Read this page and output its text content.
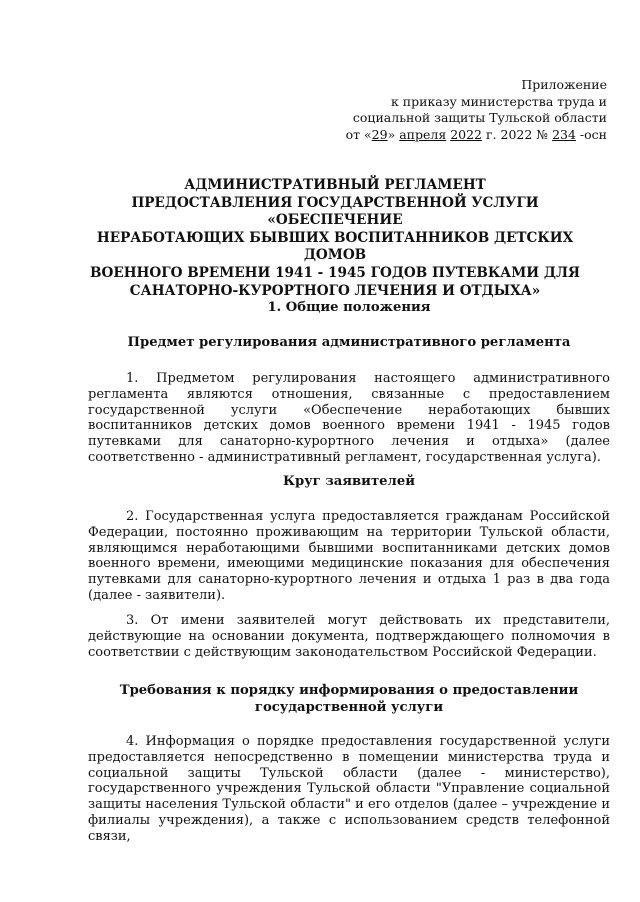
Приложение
к приказу министерства труда и
социальной защиты Тульской области
от «29» апреля 2022 г. 2022 № 234 -осн
АДМИНИСТРАТИВНЫЙ РЕГЛАМЕНТ
ПРЕДОСТАВЛЕНИЯ ГОСУДАРСТВЕННОЙ УСЛУГИ «ОБЕСПЕЧЕНИЕ
НЕРАБОТАЮЩИХ БЫВШИХ ВОСПИТАННИКОВ ДЕТСКИХ ДОМОВ
ВОЕННОГО ВРЕМЕНИ 1941 - 1945 ГОДОВ ПУТЕВКАМИ ДЛЯ
САНАТОРНО-КУРОРТНОГО ЛЕЧЕНИЯ И ОТДЫХА»
1. Общие положения
Предмет регулирования административного регламента
1. Предметом регулирования настоящего административного регламента являются отношения, связанные с предоставлением государственной услуги «Обеспечение неработающих бывших воспитанников детских домов военного времени 1941 - 1945 годов путевками для санаторно-курортного лечения и отдыха» (далее соответственно - административный регламент, государственная услуга).
Круг заявителей
2. Государственная услуга предоставляется гражданам Российской Федерации, постоянно проживающим на территории Тульской области, являющимся неработающими бывшими воспитанниками детских домов военного времени, имеющими медицинские показания для обеспечения путевками для санаторно-курортного лечения и отдыха 1 раз в два года (далее - заявители).
3. От имени заявителей могут действовать их представители, действующие на основании документа, подтверждающего полномочия в соответствии с действующим законодательством Российской Федерации.
Требования к порядку информирования о предоставлении
государственной услуги
4. Информация о порядке предоставления государственной услуги предоставляется непосредственно в помещении министерства труда и социальной защиты Тульской области (далее - министерство), государственного учреждения Тульской области "Управление социальной защиты населения Тульской области" и его отделов (далее – учреждение и филиалы учреждения), а также с использованием средств телефонной связи,
